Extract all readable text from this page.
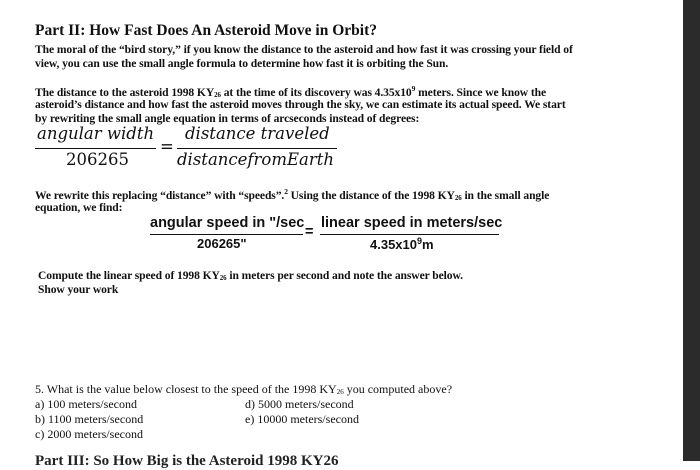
Part II: How Fast Does An Asteroid Move in Orbit?
The moral of the “bird story,” if you know the distance to the asteroid and how fast it was crossing your field of
view, you can use the small angle formula to determine how fast it is orbiting the Sun.
The distance to the asteroid 1998 KY26 at the time of its discovery was $4.35x10^9$ meters. Since we know the
asteroid’s distance and how fast the asteroid moves through the sky, we can estimate its actual speed. We start
by rewriting the small angle equation in terms of arcseconds instead of degrees:
angular width
206265
=
distance traveled
distancefromEarth
We rewrite this replacing “distance” with “speeds”.$^2$ Using the distance of the 1998 KY26 in the small angle
equation, we find:
angular speed in "/sec
206265"
=
linear speed in meters/sec
$4.35x10^9m$
Compute the linear speed of 1998 KY26 in meters per second and note the answer below.
Show your work
5. What is the value below closest to the speed of the 1998 KY26 you computed above?
a) 100 meters/second
b) 1100 meters/second
c) 2000 meters/second
d) 5000 meters/second
e) 10000 meters/second
Part III: So How Big is the Asteroid 1998 KY26
